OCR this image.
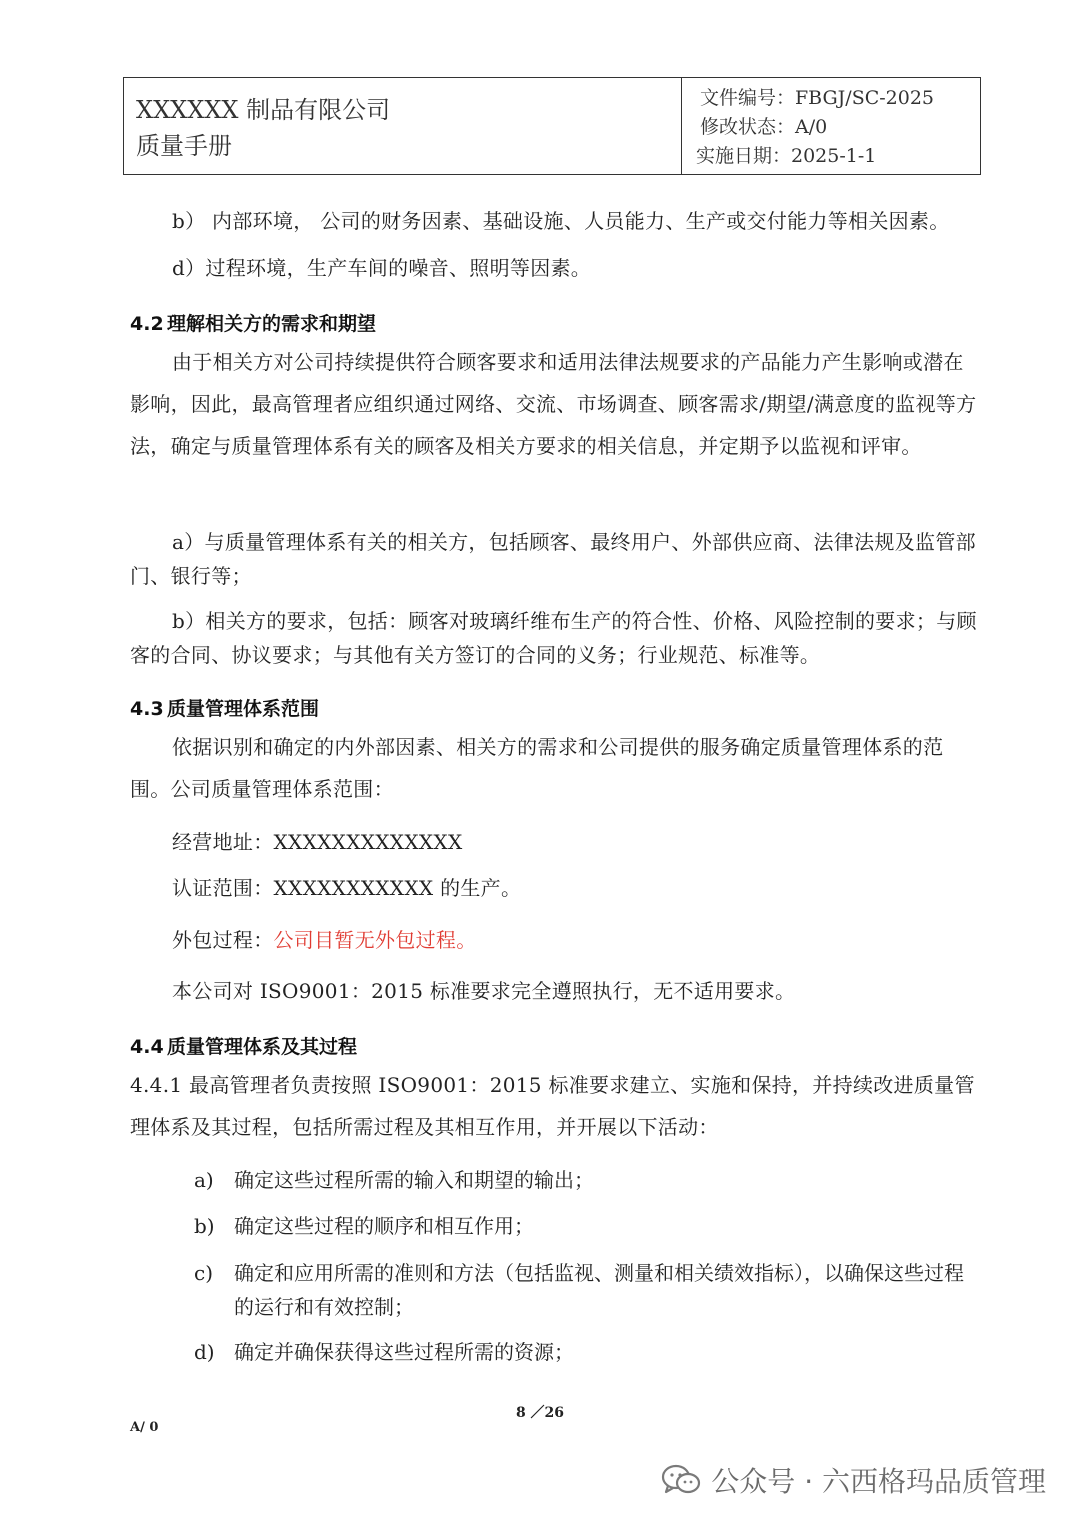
XXXXXX 制品有限公司
质量手册
文件编号：FBGJ/SC-2025
修改状态：A/0
实施日期：2025-1-1
b） 内部环境， 公司的财务因素、基础设施、人员能力、生产或交付能力等相关因素。
d）过程环境，生产车间的噪音、照明等因素。
4.2 理解相关方的需求和期望
由于相关方对公司持续提供符合顾客要求和适用法律法规要求的产品能力产生影响或潜在影响，因此，最高管理者应组织通过网络、交流、市场调查、顾客需求/期望/满意度的监视等方法，确定与质量管理体系有关的顾客及相关方要求的相关信息，并定期予以监视和评审。
a）与质量管理体系有关的相关方，包括顾客、最终用户、外部供应商、法律法规及监管部门、银行等；
b）相关方的要求，包括：顾客对玻璃纤维布生产的符合性、价格、风险控制的要求；与顾客的合同、协议要求；与其他有关方签订的合同的义务；行业规范、标准等。
4.3 质量管理体系范围
依据识别和确定的内外部因素、相关方的需求和公司提供的服务确定质量管理体系的范围。公司质量管理体系范围：
经营地址：XXXXXXXXXXXXX
认证范围：XXXXXXXXXXX 的生产。
外包过程：公司目暂无外包过程。
本公司对 ISO9001：2015 标准要求完全遵照执行，无不适用要求。
4.4 质量管理体系及其过程
4.4.1 最高管理者负责按照 ISO9001：2015 标准要求建立、实施和保持，并持续改进质量管理体系及其过程，包括所需过程及其相互作用，并开展以下活动：
a) 确定这些过程所需的输入和期望的输出；
b) 确定这些过程的顺序和相互作用；
c) 确定和应用所需的准则和方法（包括监视、测量和相关绩效指标），以确保这些过程的运行和有效控制；
d) 确定并确保获得这些过程所需的资源；
8 ／26
A/ 0
公众号 · 六西格玛品质管理
